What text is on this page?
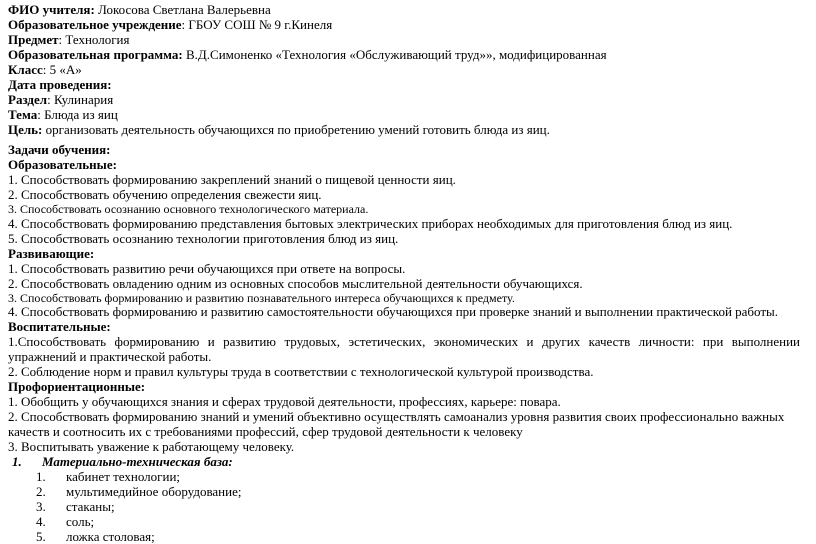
ФИО учителя: Локосова Светлана Валерьевна

Образовательное учреждение: ГБОУ СОШ № 9 г.Кинеля

Предмет: Технология

Образовательная программа: В.Д.Симоненко «Технология «Обслуживающий труд»», модифицированная

Класс: 5 «А»

Дата проведения:

Раздел: Кулинария

Тема: Блюда из яиц

Цель: организовать деятельность обучающихся по приобретению умений готовить блюда из яиц.

Задачи обучения:

Образовательные:

1. Способствовать формированию закреплений знаний о пищевой ценности яиц.

2. Способствовать обучению определения свежести яиц.

3. Способствовать осознанию основного технологического материала.

4. Способствовать формированию представления бытовых электрических приборах необходимых для приготовления блюд из яиц.

5. Способствовать осознанию технологии приготовления блюд из яиц.

Развивающие:

1. Способствовать развитию речи обучающихся при ответе на вопросы.

2. Способствовать овладению одним из основных способов мыслительной деятельности обучающихся.

3. Способствовать формированию и развитию познавательного интереса обучающихся к предмету.

4. Способствовать формированию и развитию самостоятельности обучающихся при проверке знаний и выполнении практической работы.

Воспитательные:

1.Способствовать формированию и развитию трудовых, эстетических, экономических и других качеств личности: при выполнении упражнений и практической работы.

2. Соблюдение норм и правил культуры труда в соответствии с технологической культурой производства.

Профориентационные:

1. Обобщить у обучающихся знания и сферах трудовой деятельности, профессиях, карьере: повара.

2. Способствовать формированию знаний и умений объективно осуществлять самоанализ уровня развития своих профессионально важных качеств и соотносить их с требованиями профессий, сфер трудовой деятельности к человеку

3. Воспитывать уважение к работающему человеку.

1. Материально-техническая база:

1. кабинет технологии;
2. мультимедийное оборудование;
3. стаканы;
4. соль;
5. ложка столовая;
